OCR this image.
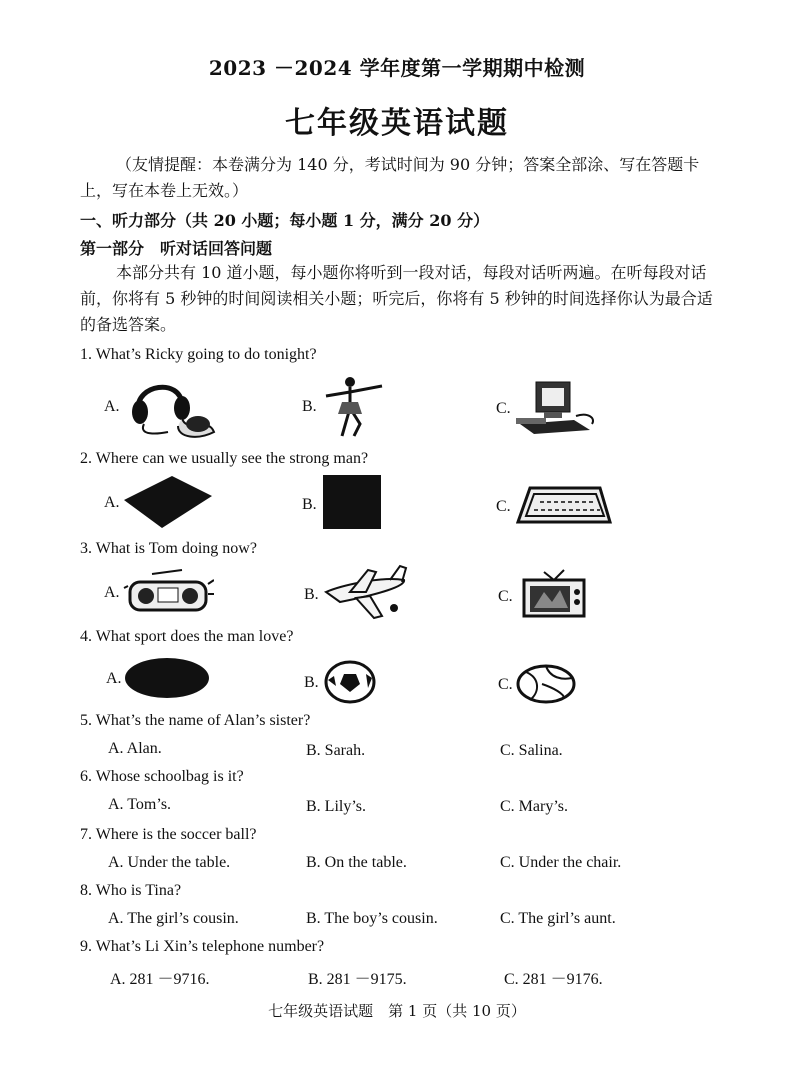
2023 －2024 学年度第一学期期中检测
七年级英语试题
（友情提醒：本卷满分为 140 分，考试时间为 90 分钟；答案全部涂、写在答题卡上，写在本卷上无效。）
一、听力部分（共 20 小题；每小题 1 分，满分 20 分）
第一部分　听对话回答问题
本部分共有 10 道小题，每小题你将听到一段对话，每段对话听两遍。在听每段对话前，你将有 5 秒钟的时间阅读相关小题；听完后，你将有 5 秒钟的时间选择你认为最合适的备选答案。
1. What’s Ricky going to do tonight?
A.	B.	C.
2. Where can we usually see the strong man?
A.	B.	C.
3. What is Tom doing now?
A.	B.	C.
4. What sport does the man love?
A.	B.	C.
5. What’s the name of Alan’s sister?
A. Alan.	B. Sarah.	C. Salina.
6. Whose schoolbag is it?
A. Tom’s.	B. Lily’s.	C. Mary’s.
7. Where is the soccer ball?
A. Under the table.	B. On the table.	C. Under the chair.
8. Who is Tina?
A. The girl’s cousin.	B. The boy’s cousin.	C. The girl’s aunt.
9. What’s Li Xin’s telephone number?
A. 281 －9716.	B. 281 －9175.	C. 281 －9176.
七年级英语试题　第 1 页（共 10 页）
